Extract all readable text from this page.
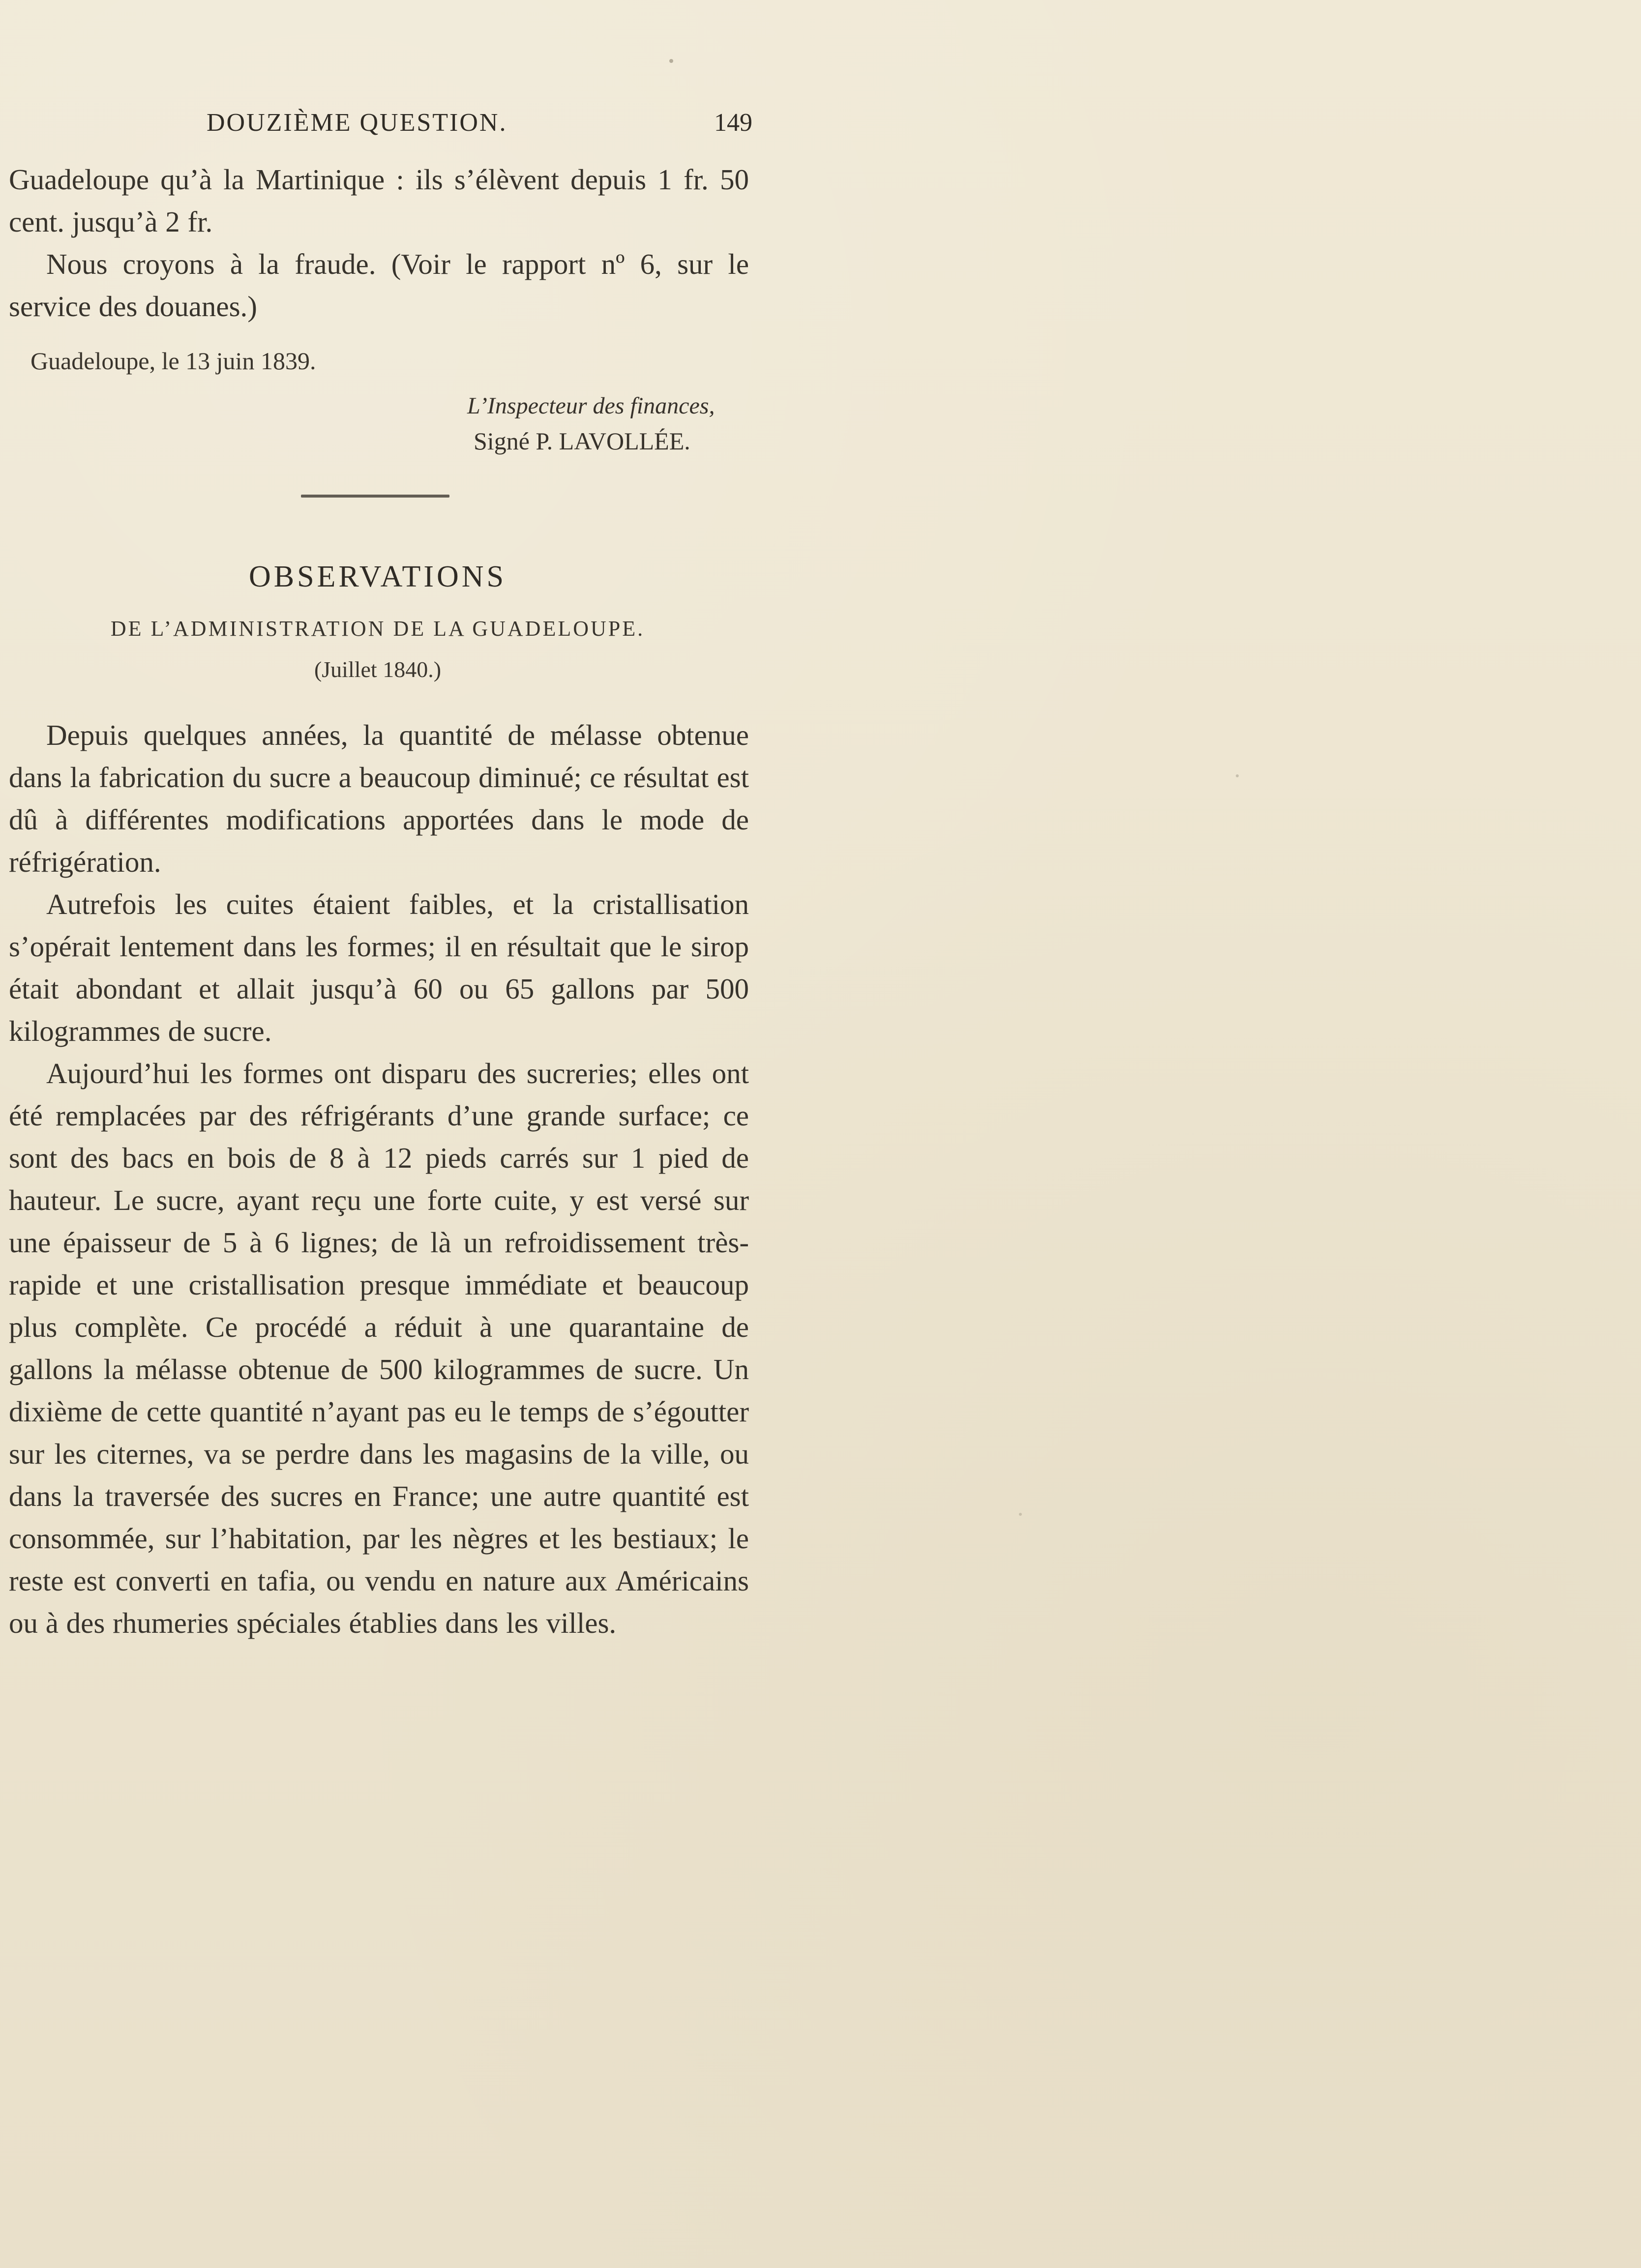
DOUZIÈME QUESTION.	149

Guadeloupe qu’à la Martinique : ils s’élèvent depuis 1 fr. 50 cent. jusqu’à 2 fr.

Nous croyons à la fraude. (Voir le rapport nº 6, sur le service des douanes.)

Guadeloupe, le 13 juin 1839.
L’Inspecteur des finances,
Signé P. LAVOLLÉE.
OBSERVATIONS
DE L’ADMINISTRATION DE LA GUADELOUPE.
(Juillet 1840.)

Depuis quelques années, la quantité de mélasse obtenue dans la fabrication du sucre a beaucoup diminué; ce résultat est dû à différentes modifications apportées dans le mode de réfrigération.

Autrefois les cuites étaient faibles, et la cristallisation s’opérait lentement dans les formes; il en résultait que le sirop était abondant et allait jusqu’à 60 ou 65 gallons par 500 kilogrammes de sucre.

Aujourd’hui les formes ont disparu des sucreries; elles ont été remplacées par des réfrigérants d’une grande surface; ce sont des bacs en bois de 8 à 12 pieds carrés sur 1 pied de hauteur. Le sucre, ayant reçu une forte cuite, y est versé sur une épaisseur de 5 à 6 lignes; de là un refroidissement très-rapide et une cristallisation presque immédiate et beaucoup plus complète. Ce procédé a réduit à une quarantaine de gallons la mélasse obtenue de 500 kilogrammes de sucre. Un dixième de cette quantité n’ayant pas eu le temps de s’égoutter sur les citernes, va se perdre dans les magasins de la ville, ou dans la traversée des sucres en France; une autre quantité est consommée, sur l’habitation, par les nègres et les bestiaux; le reste est converti en tafia, ou vendu en nature aux Américains ou à des rhumeries spéciales établies dans les villes.
